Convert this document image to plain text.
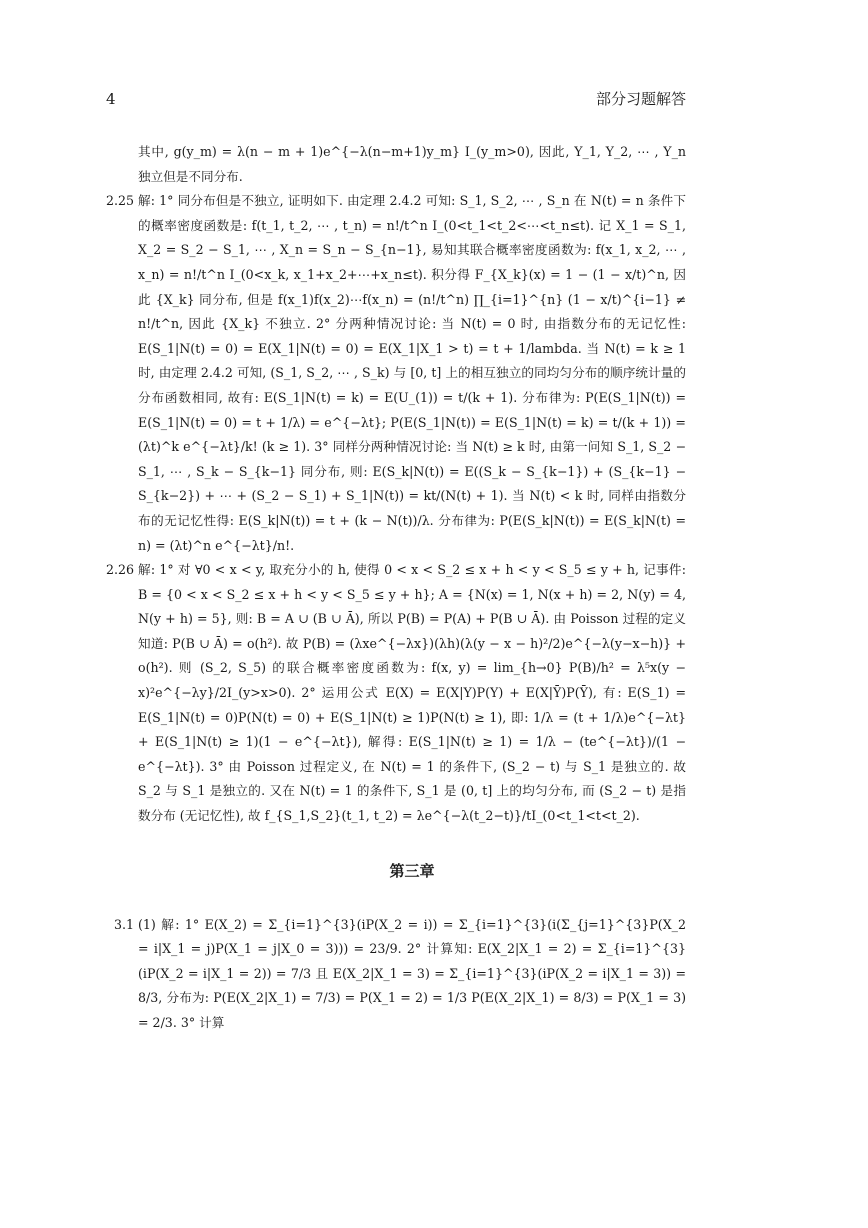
4	部分习题解答

其中, g(y_m) = λ(n − m + 1)e^{−λ(n−m+1)y_m} I_(y_m>0), 因此, Y_1, Y_2, ⋯ , Y_n 独立但是不同分布.

2.25 解: 1° 同分布但是不独立, 证明如下. 由定理 2.4.2 可知: S_1, S_2, ⋯ , S_n 在 N(t) = n 条件下的概率密度函数是: f(t_1, t_2, ⋯ , t_n) = n!/t^n I_(0<t_1<t_2<⋯<t_n≤t). 记 X_1 = S_1, X_2 = S_2 − S_1, ⋯ , X_n = S_n − S_{n−1}, 易知其联合概率密度函数为: f(x_1, x_2, ⋯ , x_n) = n!/t^n I_(0<x_k, x_1+x_2+⋯+x_n≤t). 积分得 F_{X_k}(x) = 1 − (1 − x/t)^n, 因此 {X_k} 同分布, 但是 f(x_1)f(x_2)⋯f(x_n) = (n!/t^n) ∏_{i=1}^{n} (1 − x/t)^{i−1} ≠ n!/t^n, 因此 {X_k} 不独立. 2° 分两种情况讨论: 当 N(t) = 0 时, 由指数分布的无记忆性: E(S_1|N(t) = 0) = E(X_1|N(t) = 0) = E(X_1|X_1 > t) = t + 1/lambda. 当 N(t) = k ≥ 1 时, 由定理 2.4.2 可知, (S_1, S_2, ⋯ , S_k) 与 [0, t] 上的相互独立的同均匀分布的顺序统计量的分布函数相同, 故有: E(S_1|N(t) = k) = E(U_(1)) = t/(k + 1). 分布律为: P(E(S_1|N(t)) = E(S_1|N(t) = 0) = t + 1/λ) = e^{−λt}; P(E(S_1|N(t)) = E(S_1|N(t) = k) = t/(k + 1)) = (λt)^k e^{−λt}/k! (k ≥ 1). 3° 同样分两种情况讨论: 当 N(t) ≥ k 时, 由第一问知 S_1, S_2 − S_1, ⋯ , S_k − S_{k−1} 同分布, 则: E(S_k|N(t)) = E((S_k − S_{k−1}) + (S_{k−1} − S_{k−2}) + ⋯ + (S_2 − S_1) + S_1|N(t)) = kt/(N(t) + 1). 当 N(t) < k 时, 同样由指数分布的无记忆性得: E(S_k|N(t)) = t + (k − N(t))/λ. 分布律为: P(E(S_k|N(t)) = E(S_k|N(t) = n) = (λt)^n e^{−λt}/n!.

2.26 解: 1° 对 ∀0 < x < y, 取充分小的 h, 使得 0 < x < S_2 ≤ x + h < y < S_5 ≤ y + h, 记事件: B = {0 < x < S_2 ≤ x + h < y < S_5 ≤ y + h}; A = {N(x) = 1, N(x + h) = 2, N(y) = 4, N(y + h) = 5}, 则: B = A ∪ (B ∪ Ā), 所以 P(B) = P(A) + P(B ∪ Ā). 由 Poisson 过程的定义知道: P(B ∪ Ā) = o(h²). 故 P(B) = (λxe^{−λx})(λh)(λ(y − x − h)²/2)e^{−λ(y−x−h)} + o(h²). 则 (S_2, S_5) 的联合概率密度函数为: f(x, y) = lim_{h→0} P(B)/h² = λ⁵x(y − x)²e^{−λy}/2I_(y>x>0). 2° 运用公式 E(X) = E(X|Y)P(Y) + E(X|Ȳ)P(Ȳ), 有: E(S_1) = E(S_1|N(t) = 0)P(N(t) = 0) + E(S_1|N(t) ≥ 1)P(N(t) ≥ 1), 即: 1/λ = (t + 1/λ)e^{−λt} + E(S_1|N(t) ≥ 1)(1 − e^{−λt}), 解得: E(S_1|N(t) ≥ 1) = 1/λ − (te^{−λt})/(1 − e^{−λt}). 3° 由 Poisson 过程定义, 在 N(t) = 1 的条件下, (S_2 − t) 与 S_1 是独立的. 故 S_2 与 S_1 是独立的. 又在 N(t) = 1 的条件下, S_1 是 (0, t] 上的均匀分布, 而 (S_2 − t) 是指数分布 (无记忆性), 故 f_{S_1,S_2}(t_1, t_2) = λe^{−λ(t_2−t)}/tI_(0<t_1<t<t_2).

第三章
3.1 (1) 解: 1° E(X_2) = Σ_{i=1}^{3}(iP(X_2 = i)) = Σ_{i=1}^{3}(i(Σ_{j=1}^{3}P(X_2 = i|X_1 = j)P(X_1 = j|X_0 = 3))) = 23/9. 2° 计算知: E(X_2|X_1 = 2) = Σ_{i=1}^{3}(iP(X_2 = i|X_1 = 2)) = 7/3 且 E(X_2|X_1 = 3) = Σ_{i=1}^{3}(iP(X_2 = i|X_1 = 3)) = 8/3, 分布为: P(E(X_2|X_1) = 7/3) = P(X_1 = 2) = 1/3 P(E(X_2|X_1) = 8/3) = P(X_1 = 3) = 2/3. 3° 计算
